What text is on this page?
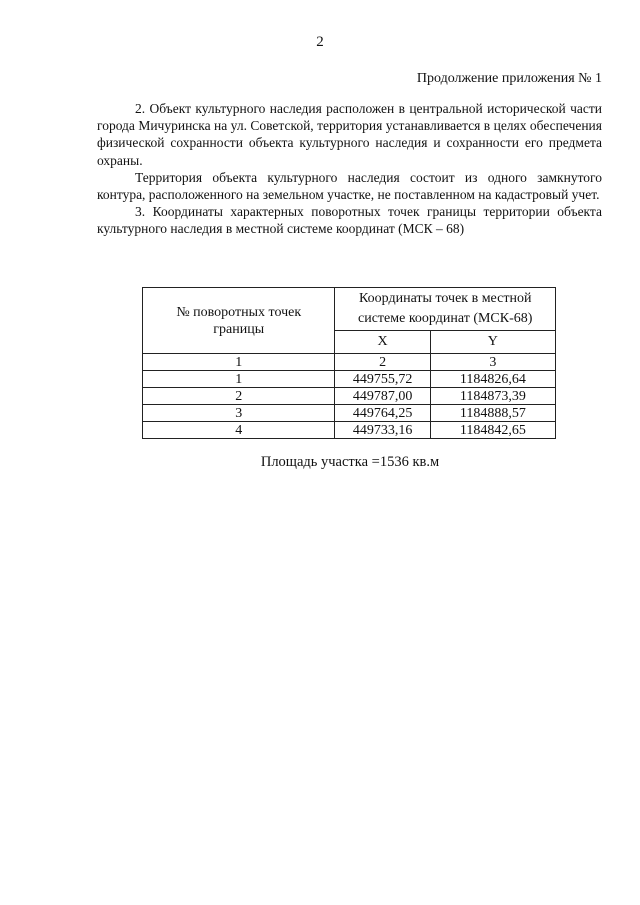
2
Продолжение приложения № 1

2. Объект культурного наследия расположен в центральной исторической части города Мичуринска на ул. Советской, территория устанавливается в целях обеспечения физической сохранности объекта культурного наследия и сохранности его предмета охраны.

Территория объекта культурного наследия состоит из одного замкнутого контура, расположенного на земельном участке, не поставленном на кадастровый учет.

3. Координаты характерных поворотных точек границы территории объекта культурного наследия в местной системе координат (МСК – 68)

№ поворотных точек границы	Координаты точек в местной системе координат (МСК-68)	
	X	Y
1	2	3
1	449755,72	1184826,64
2	449787,00	1184873,39
3	449764,25	1184888,57
4	449733,16	1184842,65
Площадь участка =1536 кв.м
